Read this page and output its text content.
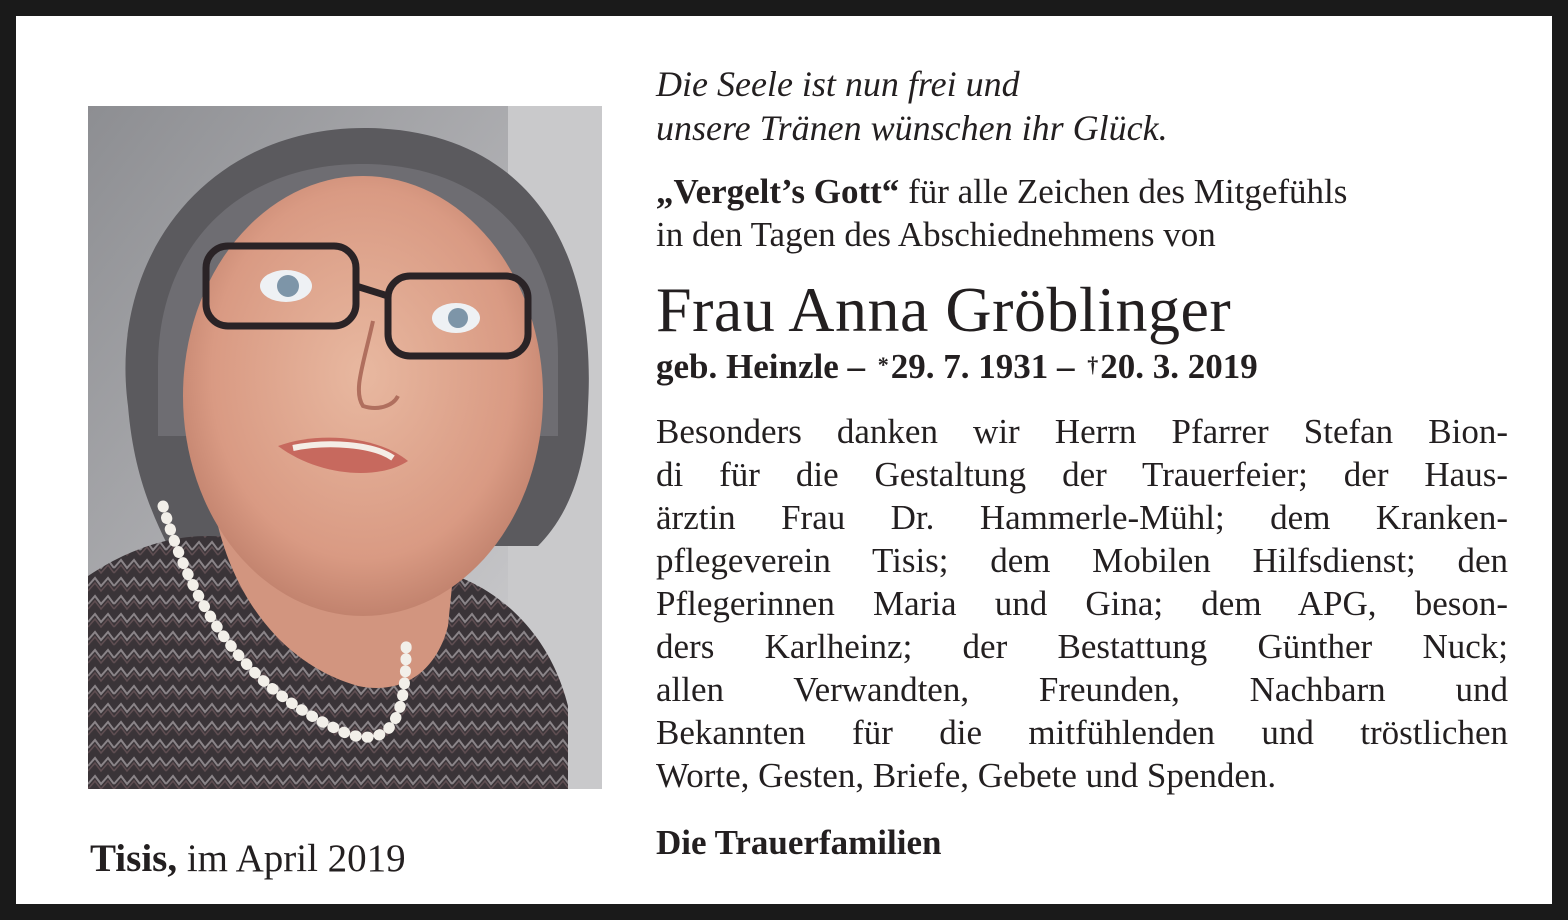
Tisis, im April 2019
Die Seele ist nun frei und
unsere Tränen wünschen ihr Glück.
„Vergelt’s Gott“ für alle Zeichen des Mitgefühls
in den Tagen des Abschiednehmens von
Frau Anna Gröblinger
geb. Heinzle – *29. 7. 1931 – †20. 3. 2019
Besonders danken wir Herrn Pfarrer Stefan Bion-
di für die Gestaltung der Trauerfeier; der Haus-
ärztin Frau Dr. Hammerle-Mühl; dem Kranken-
pflegeverein Tisis; dem Mobilen Hilfsdienst; den
Pflegerinnen Maria und Gina; dem APG, beson-
ders Karlheinz; der Bestattung Günther Nuck;
allen Verwandten, Freunden, Nachbarn und
Bekannten für die mitfühlenden und tröstlichen
Worte, Gesten, Briefe, Gebete und Spenden.
Die Trauerfamilien
